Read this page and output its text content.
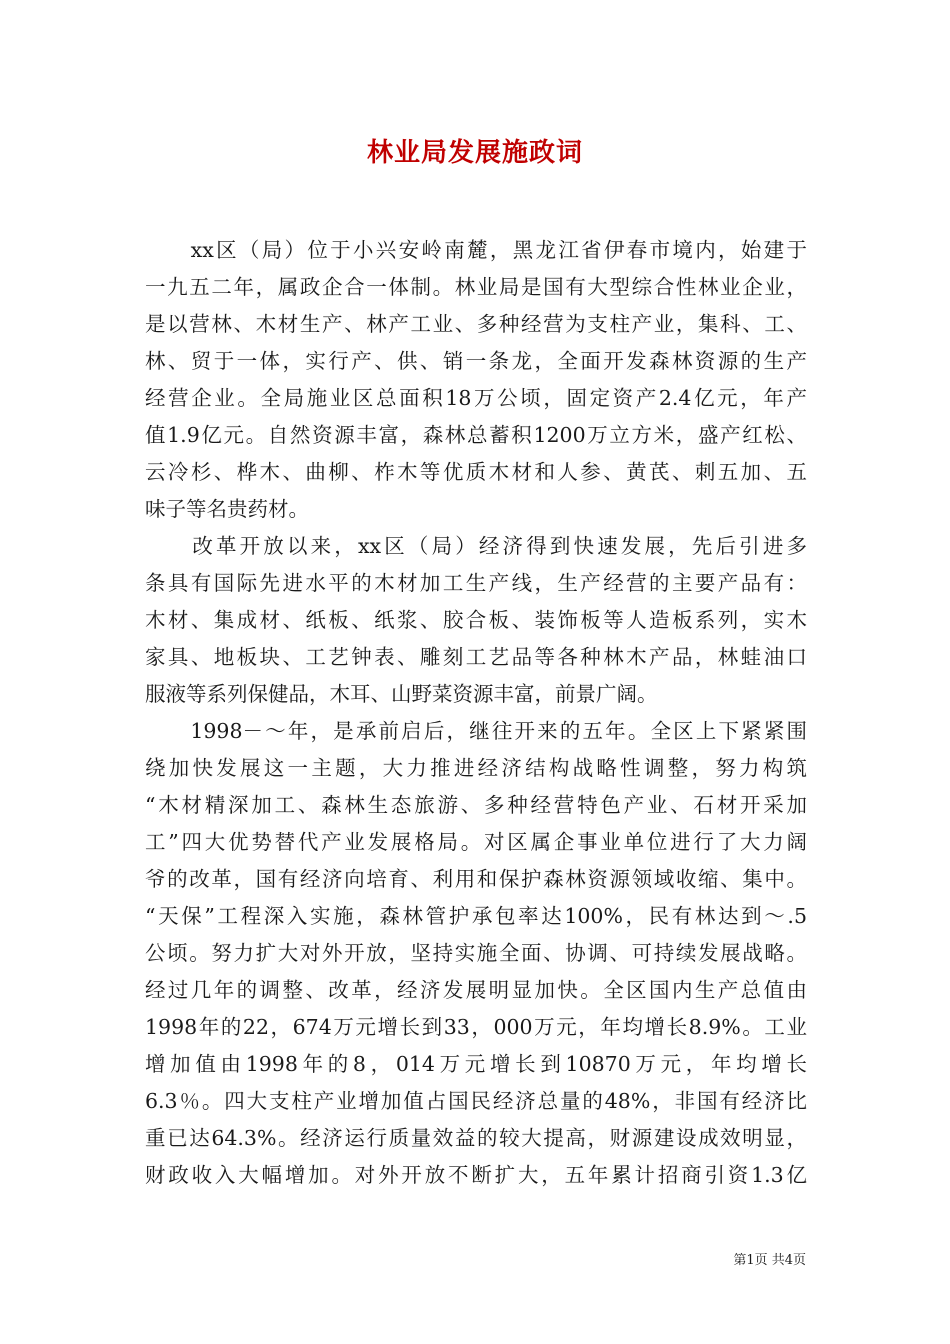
林业局发展施政词
　　xx区（局）位于小兴安岭南麓，黑龙江省伊春市境内，始建于
一九五二年，属政企合一体制。林业局是国有大型综合性林业企业，
是以营林、木材生产、林产工业、多种经营为支柱产业，集科、工、
林、贸于一体，实行产、供、销一条龙，全面开发森林资源的生产
经营企业。全局施业区总面积18万公顷，固定资产2.4亿元，年产
值1.9亿元。自然资源丰富，森林总蓄积1200万立方米，盛产红松、
云冷杉、桦木、曲柳、柞木等优质木材和人参、黄芪、刺五加、五
味子等名贵药材。
　　改革开放以来，xx区（局）经济得到快速发展，先后引进多
条具有国际先进水平的木材加工生产线，生产经营的主要产品有：
木材、集成材、纸板、纸浆、胶合板、装饰板等人造板系列，实木
家具、地板块、工艺钟表、雕刻工艺品等各种林木产品，林蛙油口
服液等系列保健品，木耳、山野菜资源丰富，前景广阔。
　　1998－～年，是承前启后，继往开来的五年。全区上下紧紧围
绕加快发展这一主题，大力推进经济结构战略性调整，努力构筑
“木材精深加工、森林生态旅游、多种经营特色产业、石材开采加
工”四大优势替代产业发展格局。对区属企事业单位进行了大力阔
爷的改革，国有经济向培育、利用和保护森林资源领域收缩、集中。
“天保”工程深入实施，森林管护承包率达100%，民有林达到～.5
公顷。努力扩大对外开放，坚持实施全面、协调、可持续发展战略。
经过几年的调整、改革，经济发展明显加快。全区国内生产总值由
1998年的22，674万元增长到33，000万元，年均增长8.9%。工业
增加值由1998年的8，014万元增长到10870万元，年均增长
6.3％。四大支柱产业增加值占国民经济总量的48%，非国有经济比
重已达64.3%。经济运行质量效益的较大提高，财源建设成效明显，
财政收入大幅增加。对外开放不断扩大，五年累计招商引资1.3亿
第1页 共4页
